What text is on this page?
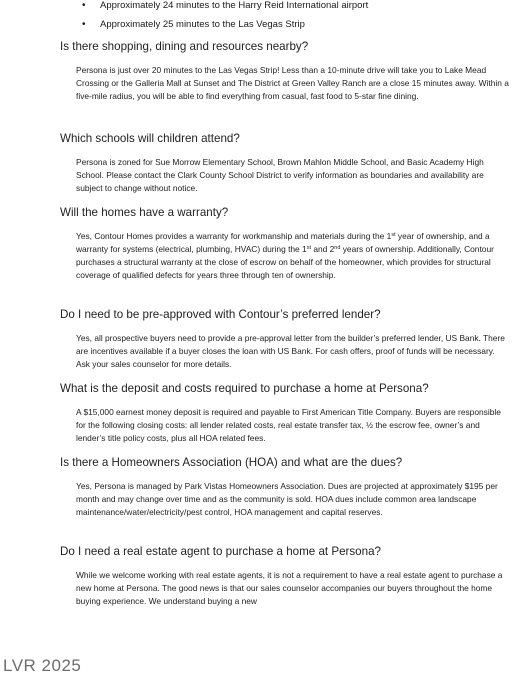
• Approximately 24 minutes to the Harry Reid International airport
• Approximately 25 minutes to the Las Vegas Strip
Is there shopping, dining and resources nearby?

Persona is just over 20 minutes to the Las Vegas Strip! Less than a 10-minute drive will take you to Lake Mead Crossing or the Galleria Mall at Sunset and The District at Green Valley Ranch are a close 15 minutes away. Within a five-mile radius, you will be able to find everything from casual, fast food to 5-star fine dining.

Which schools will children attend?

Persona is zoned for Sue Morrow Elementary School, Brown Mahlon Middle School, and Basic Academy High School. Please contact the Clark County School District to verify information as boundaries and availability are subject to change without notice.

Will the homes have a warranty?

Yes, Contour Homes provides a warranty for workmanship and materials during the 1st year of ownership, and a warranty for systems (electrical, plumbing, HVAC) during the 1st and 2nd years of ownership. Additionally, Contour purchases a structural warranty at the close of escrow on behalf of the homeowner, which provides for structural coverage of qualified defects for years three through ten of ownership.

Do I need to be pre-approved with Contour’s preferred lender?

Yes, all prospective buyers need to provide a pre-approval letter from the builder’s preferred lender, US Bank. There are incentives available if a buyer closes the loan with US Bank. For cash offers, proof of funds will be necessary. Ask your sales counselor for more details.

What is the deposit and costs required to purchase a home at Persona?

A $15,000 earnest money deposit is required and payable to First American Title Company. Buyers are responsible for the following closing costs: all lender related costs, real estate transfer tax, ½ the escrow fee, owner’s and lender’s title policy costs, plus all HOA related fees.

Is there a Homeowners Association (HOA) and what are the dues?

Yes, Persona is managed by Park Vistas Homeowners Association. Dues are projected at approximately $195 per month and may change over time and as the community is sold. HOA dues include common area landscape maintenance/water/electricity/pest control, HOA management and capital reserves.

Do I need a real estate agent to purchase a home at Persona?

While we welcome working with real estate agents, it is not a requirement to have a real estate agent to purchase a new home at Persona. The good news is that our sales counselor accompanies our buyers throughout the home buying experience. We understand buying a new

LVR 2025
